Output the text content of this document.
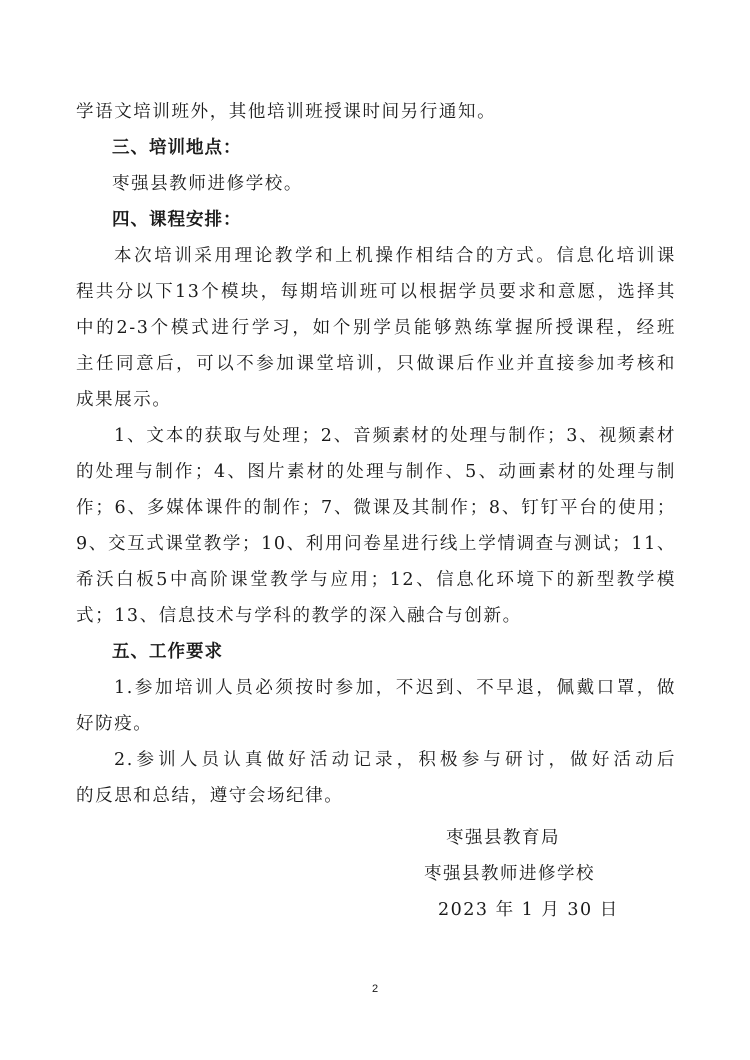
学语文培训班外，其他培训班授课时间另行通知。
三、培训地点：
枣强县教师进修学校。
四、课程安排：
本次培训采用理论教学和上机操作相结合的方式。信息化培训课
程共分以下13个模块，每期培训班可以根据学员要求和意愿，选择其
中的2-3个模式进行学习，如个别学员能够熟练掌握所授课程，经班
主任同意后，可以不参加课堂培训，只做课后作业并直接参加考核和
成果展示。
1、文本的获取与处理；2、音频素材的处理与制作；3、视频素材
的处理与制作；4、图片素材的处理与制作、5、动画素材的处理与制
作；6、多媒体课件的制作；7、微课及其制作；8、钉钉平台的使用；
9、交互式课堂教学；10、利用问卷星进行线上学情调查与测试；11、
希沃白板5中高阶课堂教学与应用；12、信息化环境下的新型教学模
式；13、信息技术与学科的教学的深入融合与创新。
五、工作要求
1.参加培训人员必须按时参加，不迟到、不早退，佩戴口罩，做
好防疫。
2.参训人员认真做好活动记录，积极参与研讨，做好活动后
的反思和总结，遵守会场纪律。
枣强县教育局
枣强县教师进修学校
2023 年 1 月 30 日
2
